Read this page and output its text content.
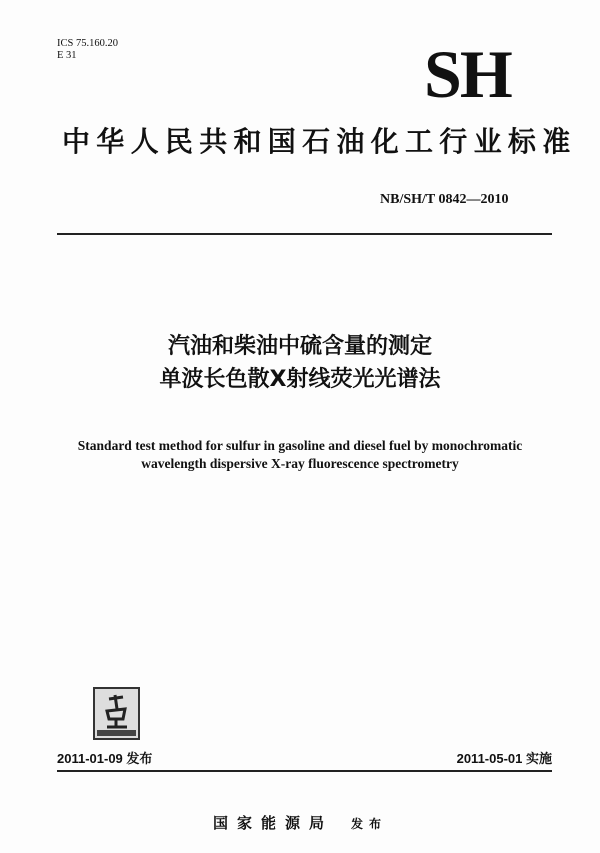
ICS 75.160.20
E 31	SH
中华人民共和国石油化工行业标准
NB/SH/T 0842—2010
汽油和柴油中硫含量的测定
单波长色散X射线荧光光谱法
Standard test method for sulfur in gasoline and diesel fuel by monochromatic
wavelength dispersive X-ray fluorescence spectrometry
2011-01-09 发布	2011-05-01 实施
国家能源局 发布
